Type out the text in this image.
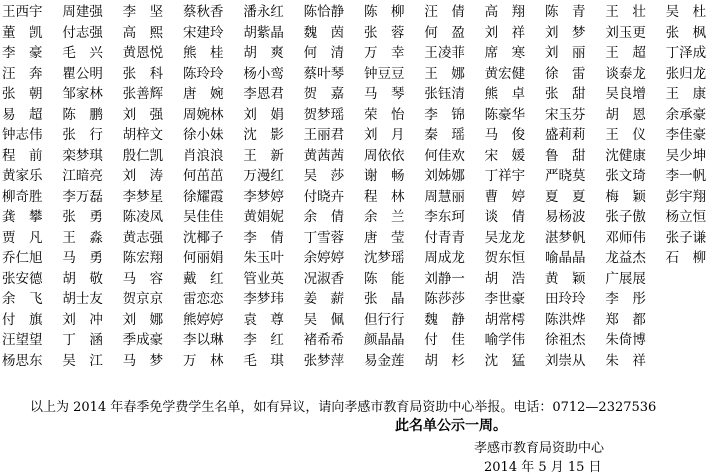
王西宇	周建强	李　坚	蔡秋香	潘永红	陈恰静	陈　柳	汪　倩	高　翔	陈　青	王　壮	吴　杜
董　凯	付志强	高　熙	宋建玲	胡紫晶	魏　茵	张　蓉	何　盈	刘　祥	刘　梦	刘玉更	张　枫
李　豪	毛　兴	黄恩悦	熊　桂	胡　爽	何　清	万　幸	王凌菲	席　寒	刘　丽	王　超	丁泽成
汪　奔	瞿公明	张　科	陈玲玲	杨小鸾	蔡叶琴	钟豆豆	王　娜	黄宏健	徐　雷	谈泰龙	张归龙
张　朝	邹家林	张善辉	唐　婉	李恩君	贺　嘉	马　琴	张钰清	熊　卓	张　甜	吴良增	王　康
易　超	陈　鹏	刘　强	周婉林	刘　娟	贺梦瑶	荣　怡	李　锦	陈豪华	宋玉芬	胡　恩	余承豪
钟志伟	张　行	胡梓文	徐小妹	沈　影	王丽君	刘　月	秦　瑶	马　俊	盛莉莉	王　仪	李佳豪
程　前	栾梦琪	殷仁凯	肖浪浪	王　新	黄茜茜	周依依	何佳欢	宋　媛	鲁　甜	沈健康	吴少坤
黄家乐	江暗亮	刘　涛	何茁茁	万漫红	吴　莎	谢　畅	刘姊娜	丁祥宇	严晓莫	张文琦	李一帆
柳奇胜	李万磊	李梦星	徐耀霞	李梦婷	付晓卉	程　林	周慧丽	曹　婷	夏　夏	梅　颖	彭宇翔
龚　攀	张　勇	陈凌凤	吴佳佳	黄娟妮	余　倩	余　兰	李东珂	谈　倩	易杨波	张子傲	杨立恒
贾　凡	王　淼	黄志强	沈椰子	李　倩	丁雪蓉	唐　莹	付青青	吴龙龙	湛梦帆	邓师伟	张子谦
乔仁旭	马　勇	陈宏翔	何丽娟	朱玉叶	余婷婷	沈梦瑶	周成龙	贺东恒	喻晶晶	龙益杰	石　柳
张安德	胡　敬	马　容	戴　红	管业英	况淑香	陈　能	刘静一	胡　浩	黄　颖	广展展
余　飞	胡士友	贺京京	雷恋恋	李梦玮	姜　薪	张　晶	陈莎莎	李世豪	田玲玲	李　彤
付　旗	刘　冲	刘　娜	熊婷婷	袁　尊	吴　佩	但行行	魏　静	胡常樗	陈洪烨	郑　都
汪望望	丁　涵	季成豪	李以琳	李　红	褚希希	颜晶晶	付　佳	喻学伟	徐祖杰	朱倚博
杨思东	吴　江	马　梦	万　林	毛　琪	张梦萍	易金莲	胡　杉	沈　猛	刘崇从	朱　祥
以上为 2014 年春季免学费学生名单，如有异议，请向孝感市教育局资助中心举报。电话：0712—2327536
此名单公示一周。
孝感市教育局资助中心
2014 年 5 月 15 日
